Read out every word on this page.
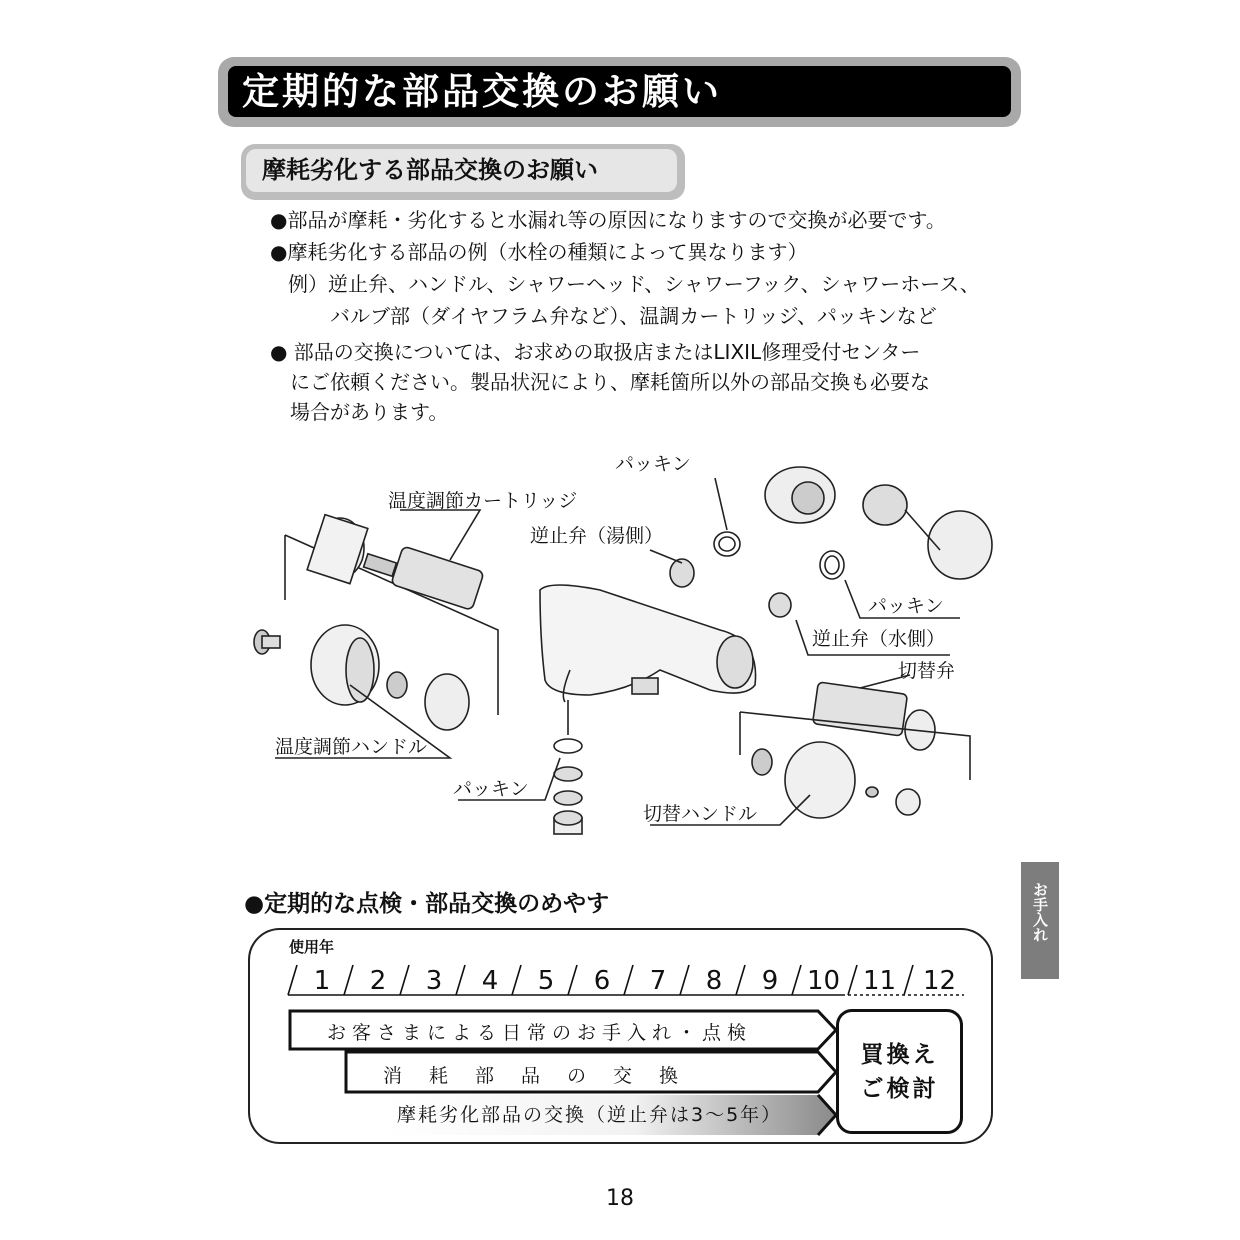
定期的な部品交換のお願い
摩耗劣化する部品交換のお願い
●部品が摩耗・劣化すると水漏れ等の原因になりますので交換が必要です。
●摩耗劣化する部品の例（水栓の種類によって異なります）
例）逆止弁、ハンドル、シャワーヘッド、シャワーフック、シャワーホース、
バルブ部（ダイヤフラム弁など）、温調カートリッジ、パッキンなど
● 部品の交換については、お求めの取扱店またはLIXIL修理受付センター
にご依頼ください。製品状況により、摩耗箇所以外の部品交換も必要な
場合があります。
パッキン
温度調節カートリッジ
逆止弁（湯側）
パッキン
逆止弁（水側）
切替弁
温度調節ハンドル
パッキン
切替ハンドル
お手入れ
●定期的な点検・部品交換のめやす
使用年
1 2 3 4 5 6 7 8 9 10 11 12
お客さまによる日常のお手入れ・点検
消　耗　部　品　の　交　換
摩耗劣化部品の交換（逆止弁は3〜5年）
買換え
ご検討
18
